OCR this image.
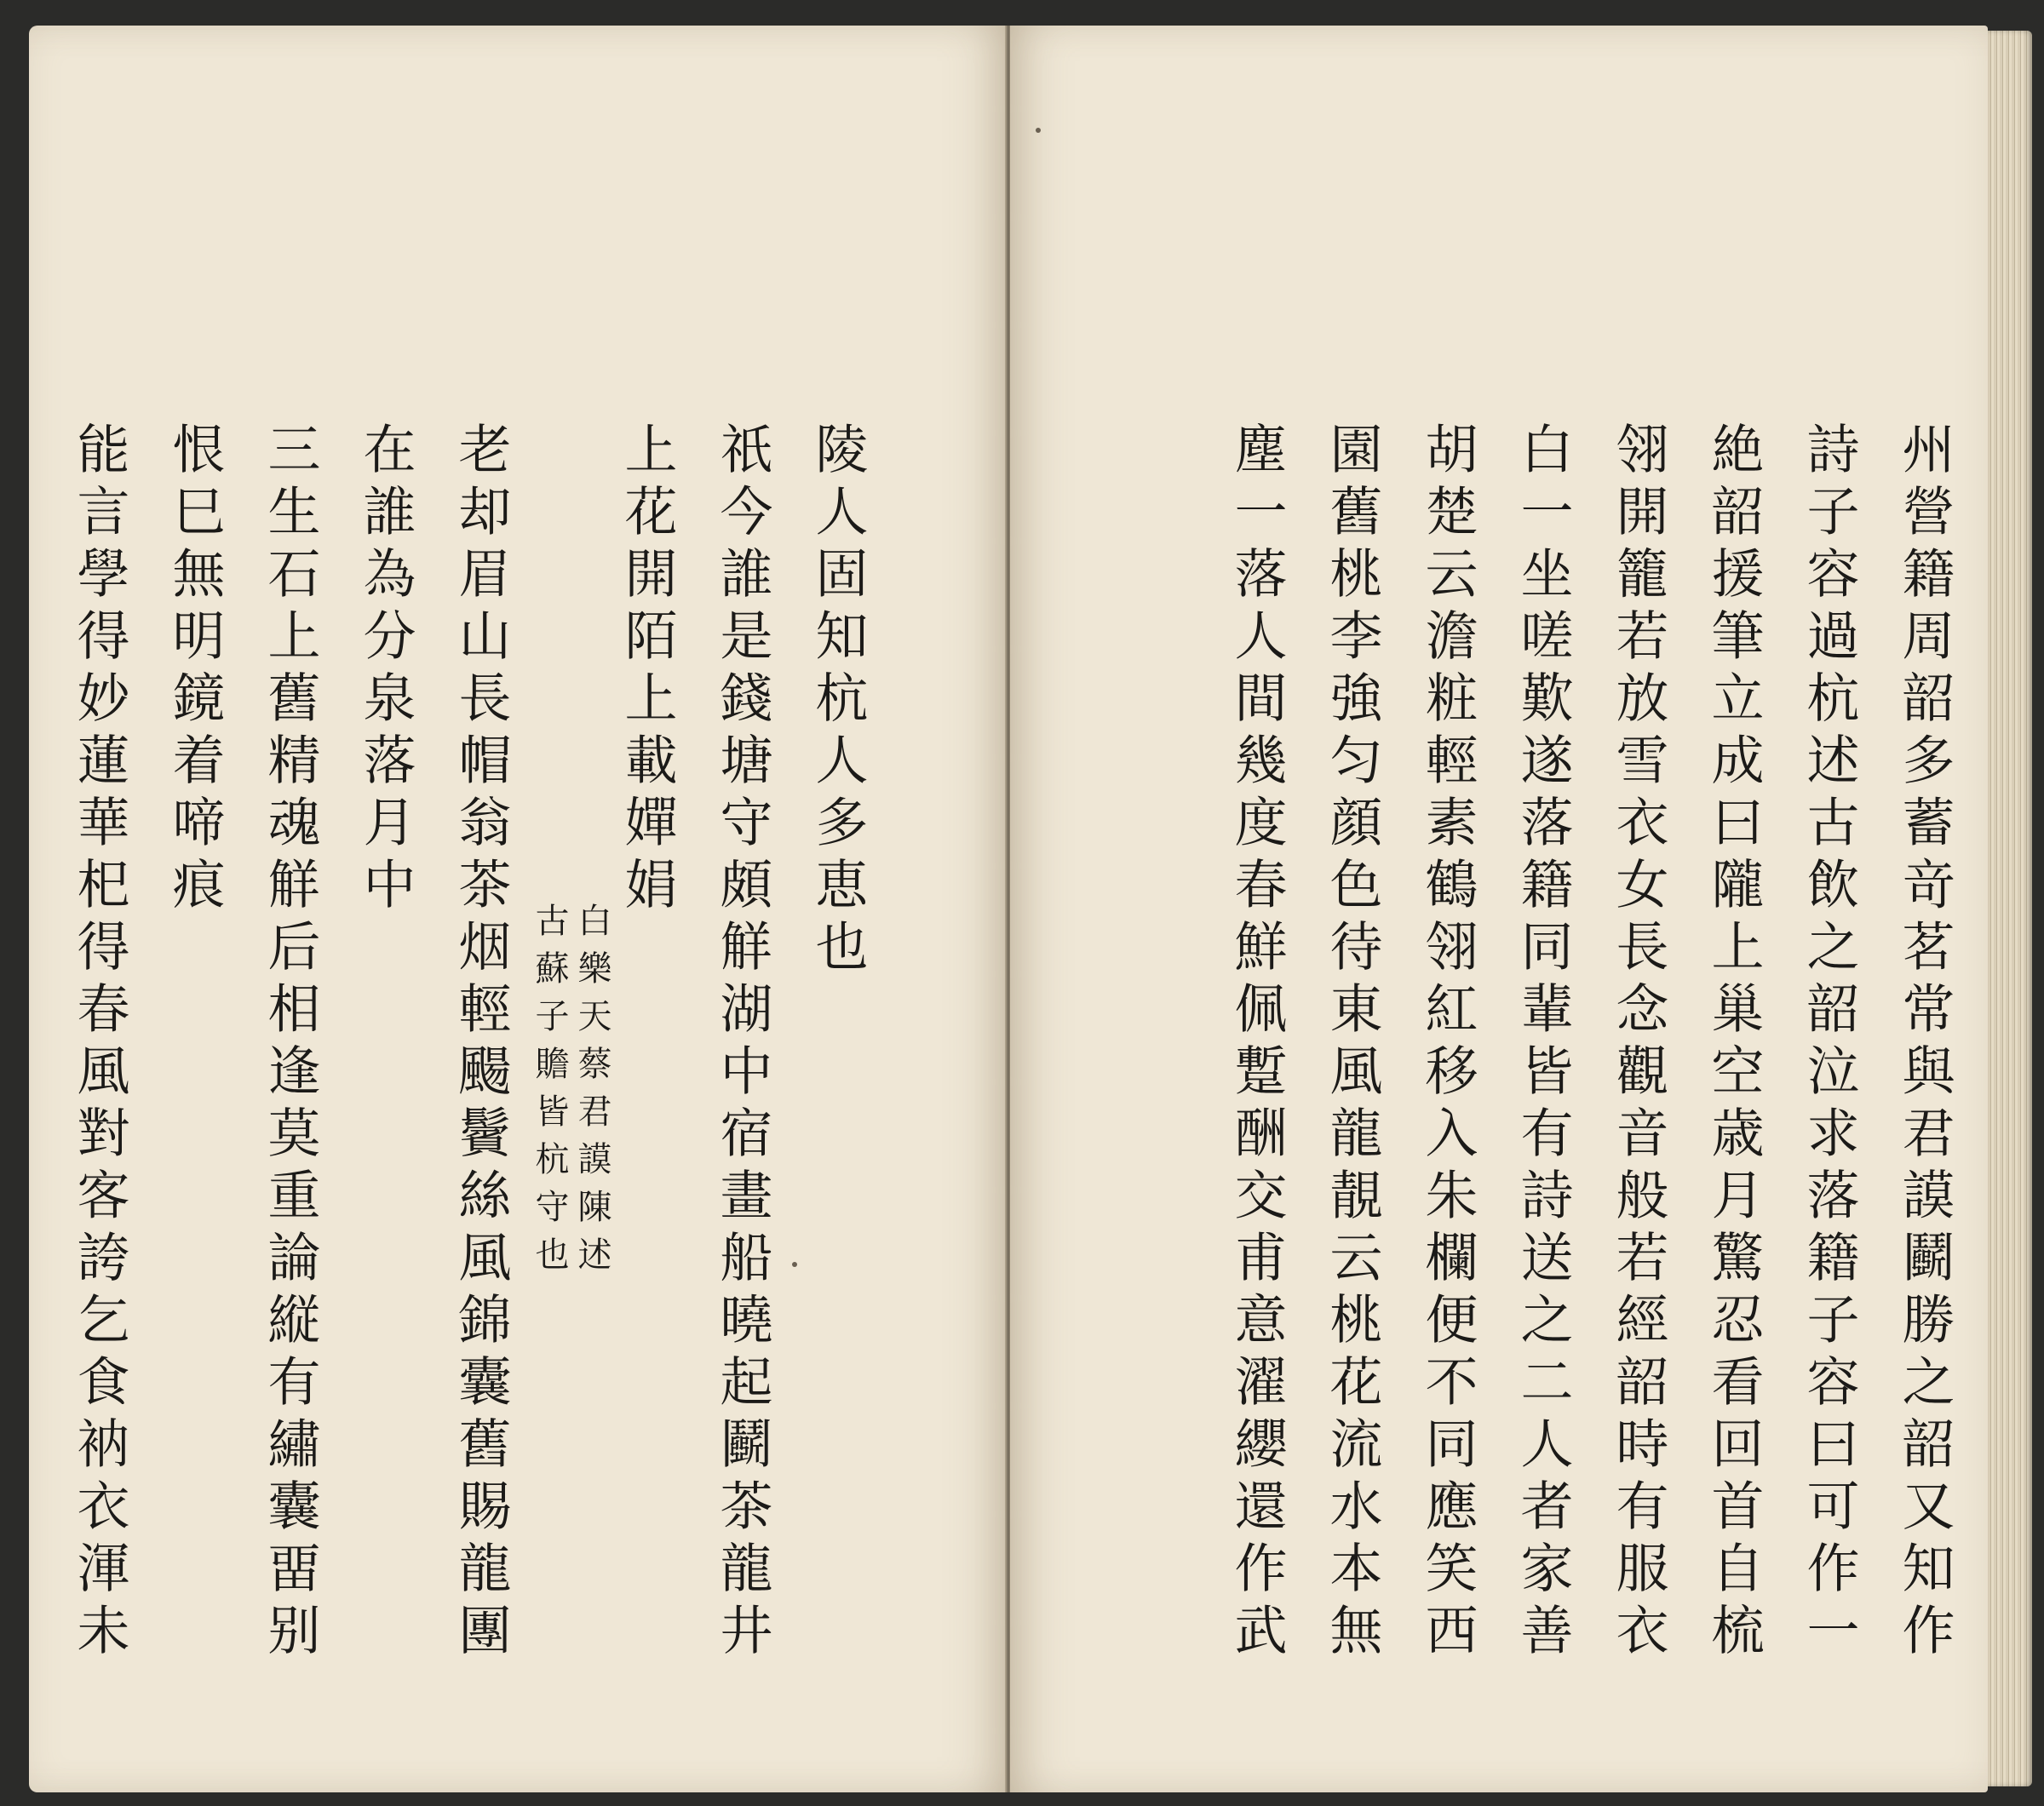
陵人固知杭人多恵也
祇今誰是錢塘守頗觧湖中宿畫船曉起鬬茶龍井
上花開陌上載嬋娟
白樂天蔡君謨陳述
古蘇子贍皆杭守也
老却眉山長帽翁茶烟輕颺鬢絲風錦囊舊賜龍團
在誰為分泉落月中
三生石上舊精魂觧后相逢莫重論縦有繡囊畱别
恨巳無明鏡着啼痕
能言學得妙蓮華𣏌得春風對客誇乞食衲衣渾未	州營籍周韶多蓄竒茗常與君謨鬬勝之韶又知作
詩子容過杭述古飲之韶泣求落籍子容曰可作一
絶韶援筆立成曰隴上巢空歳月驚忍看回首自梳
翎開籠若放雪衣女長念觀音般若經韶時有服衣
白一坐嗟歎遂落籍同輩皆有詩送之二人者家善
胡楚云澹粧輕素鶴翎紅移入朱欄便不同應笑西
園舊桃李強匀顔色待東風龍靚云桃花流水本無
塵一落人間幾度春鮮佩蹔酬交甫意濯纓還作武
